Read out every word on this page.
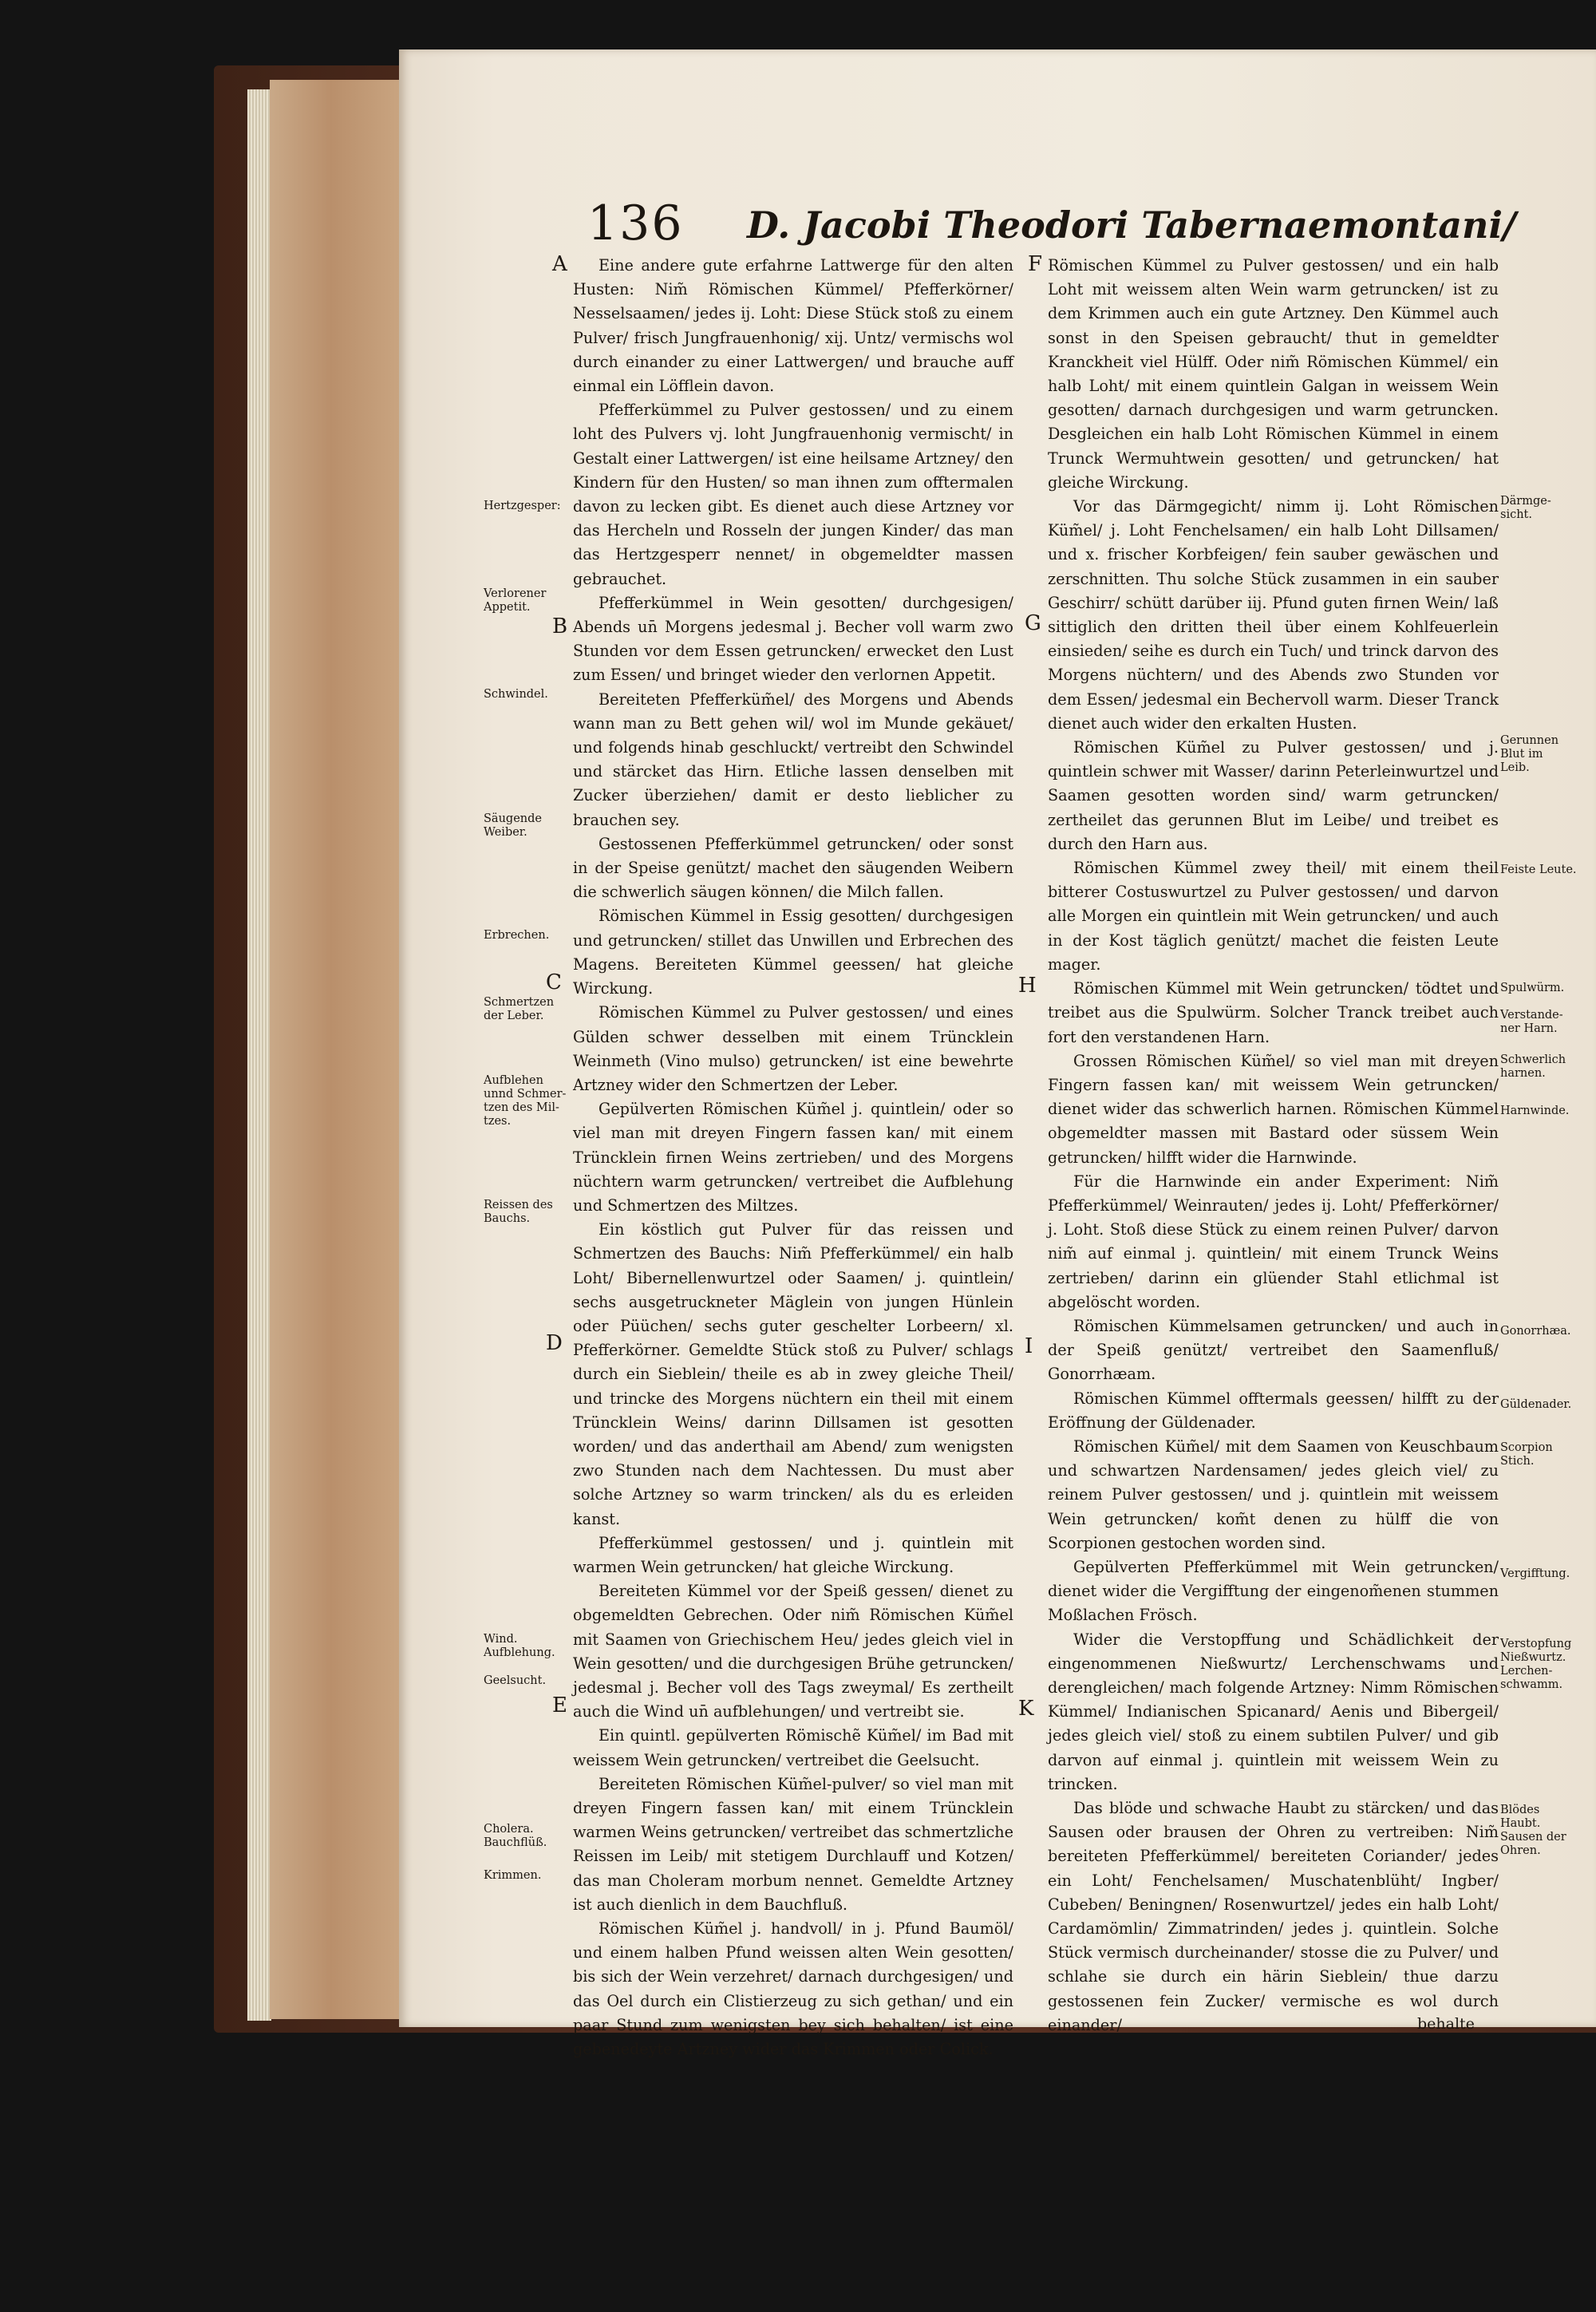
136 D. Jacobi Theodori Tabernaemontani/

Eine andere gute erfahrne Lattwerge für den alten Husten: Nim̃ Römischen Kümmel/ Pfefferkörner/ Nesselsaamen/ jedes ij. Loht: Diese Stück stoß zu einem Pulver/ frisch Jungfrauenhonig/ xij. Untz/ vermischs wol durch einander zu einer Lattwergen/ und brauche auff einmal ein Löfflein davon.

Pfefferkümmel zu Pulver gestossen/ und zu einem loht des Pulvers vj. loht Jungfrauenhonig vermischt/ in Gestalt einer Lattwergen/ ist eine heilsame Artzney/ den Kindern für den Husten/ so man ihnen zum offtermalen davon zu lecken gibt. Es dienet auch diese Artzney vor das Hercheln und Rosseln der jungen Kinder/ das man das Hertzgesperr nennet/ in obgemeldter massen gebrauchet.

Pfefferkümmel in Wein gesotten/ durchgesigen/ Abends un̄ Morgens jedesmal j. Becher voll warm zwo Stunden vor dem Essen getruncken/ erwecket den Lust zum Essen/ und bringet wieder den verlornen Appetit.

Bereiteten Pfefferküm̃el/ des Morgens und Abends wann man zu Bett gehen wil/ wol im Munde gekäuet/ und folgends hinab geschluckt/ vertreibt den Schwindel und stärcket das Hirn. Etliche lassen denselben mit Zucker überziehen/ damit er desto lieblicher zu brauchen sey.

Gestossenen Pfefferkümmel getruncken/ oder sonst in der Speise genützt/ machet den säugenden Weibern die schwerlich säugen können/ die Milch fallen.

Römischen Kümmel in Essig gesotten/ durchgesigen und getruncken/ stillet das Unwillen und Erbrechen des Magens. Bereiteten Kümmel geessen/ hat gleiche Wirckung.

Römischen Kümmel zu Pulver gestossen/ und eines Gülden schwer desselben mit einem Trüncklein Weinmeth (Vino mulso) getruncken/ ist eine bewehrte Artzney wider den Schmertzen der Leber.

Gepülverten Römischen Küm̃el j. quintlein/ oder so viel man mit dreyen Fingern fassen kan/ mit einem Trüncklein firnen Weins zertrieben/ und des Morgens nüchtern warm getruncken/ vertreibet die Aufblehung und Schmertzen des Miltzes.

Ein köstlich gut Pulver für das reissen und Schmertzen des Bauchs: Nim̃ Pfefferkümmel/ ein halb Loht/ Bibernellenwurtzel oder Saamen/ j. quintlein/ sechs ausgetruckneter Mäglein von jungen Hünlein oder Püüchen/ sechs guter geschelter Lorbeern/ xl. Pfefferkörner. Gemeldte Stück stoß zu Pulver/ schlags durch ein Sieblein/ theile es ab in zwey gleiche Theil/ und trincke des Morgens nüchtern ein theil mit einem Trüncklein Weins/ darinn Dillsamen ist gesotten worden/ und das anderthail am Abend/ zum wenigsten zwo Stunden nach dem Nachtessen. Du must aber solche Artzney so warm trincken/ als du es erleiden kanst.

Pfefferkümmel gestossen/ und j. quintlein mit warmen Wein getruncken/ hat gleiche Wirckung.

Bereiteten Kümmel vor der Speiß gessen/ dienet zu obgemeldten Gebrechen. Oder nim̃ Römischen Küm̃el mit Saamen von Griechischem Heu/ jedes gleich viel in Wein gesotten/ und die durchgesigen Brühe getruncken/ jedesmal j. Becher voll des Tags zweymal/ Es zertheilt auch die Wind un̄ aufblehungen/ und vertreibt sie.

Ein quintl. gepülverten Römischẽ Küm̃el/ im Bad mit weissem Wein getruncken/ vertreibet die Geelsucht.

Bereiteten Römischen Küm̃el-pulver/ so viel man mit dreyen Fingern fassen kan/ mit einem Trüncklein warmen Weins getruncken/ vertreibet das schmertzliche Reissen im Leib/ mit stetigem Durchlauff und Kotzen/ das man Choleram morbum nennet. Gemeldte Artzney ist auch dienlich in dem Bauchfluß.

Römischen Küm̃el j. handvoll/ in j. Pfund Baumöl/ und einem halben Pfund weissen alten Wein gesotten/ bis sich der Wein verzehret/ darnach durchgesigen/ und das Oel durch ein Clistierzeug zu sich gethan/ und ein paar Stund zum wenigsten bey sich behalten/ ist eine gebenedeyte Artzney wider das Krimmen oder Colick.

Römischen Kümmel zu Pulver gestossen/ und ein halb Loht mit weissem alten Wein warm getruncken/ ist zu dem Krimmen auch ein gute Artzney. Den Kümmel auch sonst in den Speisen gebraucht/ thut in gemeldter Kranckheit viel Hülff. Oder nim̃ Römischen Kümmel/ ein halb Loht/ mit einem quintlein Galgan in weissem Wein gesotten/ darnach durchgesigen und warm getruncken. Desgleichen ein halb Loht Römischen Kümmel in einem Trunck Wermuhtwein gesotten/ und getruncken/ hat gleiche Wirckung.

Vor das Därmgegicht/ nimm ij. Loht Römischen Küm̃el/ j. Loht Fenchelsamen/ ein halb Loht Dillsamen/ und x. frischer Korbfeigen/ fein sauber gewäschen und zerschnitten. Thu solche Stück zusammen in ein sauber Geschirr/ schütt darüber iij. Pfund guten firnen Wein/ laß sittiglich den dritten theil über einem Kohlfeuerlein einsieden/ seihe es durch ein Tuch/ und trinck darvon des Morgens nüchtern/ und des Abends zwo Stunden vor dem Essen/ jedesmal ein Bechervoll warm. Dieser Tranck dienet auch wider den erkalten Husten.

Römischen Küm̃el zu Pulver gestossen/ und j. quintlein schwer mit Wasser/ darinn Peterleinwurtzel und Saamen gesotten worden sind/ warm getruncken/ zertheilet das gerunnen Blut im Leibe/ und treibet es durch den Harn aus.

Römischen Kümmel zwey theil/ mit einem theil bitterer Costuswurtzel zu Pulver gestossen/ und darvon alle Morgen ein quintlein mit Wein getruncken/ und auch in der Kost täglich genützt/ machet die feisten Leute mager.

Römischen Kümmel mit Wein getruncken/ tödtet und treibet aus die Spulwürm. Solcher Tranck treibet auch fort den verstandenen Harn.

Grossen Römischen Küm̃el/ so viel man mit dreyen Fingern fassen kan/ mit weissem Wein getruncken/ dienet wider das schwerlich harnen. Römischen Kümmel obgemeldter massen mit Bastard oder süssem Wein getruncken/ hilfft wider die Harnwinde.

Für die Harnwinde ein ander Experiment: Nim̃ Pfefferkümmel/ Weinrauten/ jedes ij. Loht/ Pfefferkörner/ j. Loht. Stoß diese Stück zu einem reinen Pulver/ darvon nim̃ auf einmal j. quintlein/ mit einem Trunck Weins zertrieben/ darinn ein glüender Stahl etlichmal ist abgelöscht worden.

Römischen Kümmelsamen getruncken/ und auch in der Speiß genützt/ vertreibet den Saamenfluß/ Gonorrhæam.

Römischen Kümmel offtermals geessen/ hilfft zu der Eröffnung der Güldenader.

Römischen Küm̃el/ mit dem Saamen von Keuschbaum und schwartzen Nardensamen/ jedes gleich viel/ zu reinem Pulver gestossen/ und j. quintlein mit weissem Wein getruncken/ kom̃t denen zu hülff die von Scorpionen gestochen worden sind.

Gepülverten Pfefferkümmel mit Wein getruncken/ dienet wider die Vergifftung der eingenom̃enen stummen Moßlachen Frösch.

Wider die Verstopffung und Schädlichkeit der eingenommenen Nießwurtz/ Lerchenschwams und derengleichen/ mach folgende Artzney: Nimm Römischen Kümmel/ Indianischen Spicanard/ Aenis und Bibergeil/ jedes gleich viel/ stoß zu einem subtilen Pulver/ und gib darvon auf einmal j. quintlein mit weissem Wein zu trincken.

Das blöde und schwache Haubt zu stärcken/ und das Sausen oder brausen der Ohren zu vertreiben: Nim̃ bereiteten Pfefferkümmel/ bereiteten Coriander/ jedes ein Loht/ Fenchelsamen/ Muschatenblüht/ Ingber/ Cubeben/ Beningnen/ Rosenwurtzel/ jedes ein halb Loht/ Cardamömlin/ Zimmatrinden/ jedes j. quintlein. Solche Stück vermisch durcheinander/ stosse die zu Pulver/ und schlahe sie durch ein härin Sieblein/ thue darzu gestossenen fein Zucker/ vermische es wol durch einander/

A
B
C
D
E
F
G
H
I
K
Hertzgesper:
Verlorener
Appetit.
Schwindel.
Säugende
Weiber.
Erbrechen.
Schmertzen
der Leber.
Aufblehen
unnd Schmer-
tzen des Mil-
tzes.
Reissen des
Bauchs.
Wind.
Aufblehung.
Geelsucht.
Cholera.
Bauchflüß.
Krimmen.
Därmge-
sicht.
Gerunnen
Blut im
Leib.
Feiste Leute.
Spulwürm.
Verstande-
ner Harn.
Schwerlich
harnen.
Harnwinde.
Gonorrhæa.
Güldenader.
Scorpion
Stich.
Vergifftung.
Verstopfung
Nießwurtz.
Lerchen-
schwamm.
Blödes
Haubt.
Sausen der
Ohren.
behalte
